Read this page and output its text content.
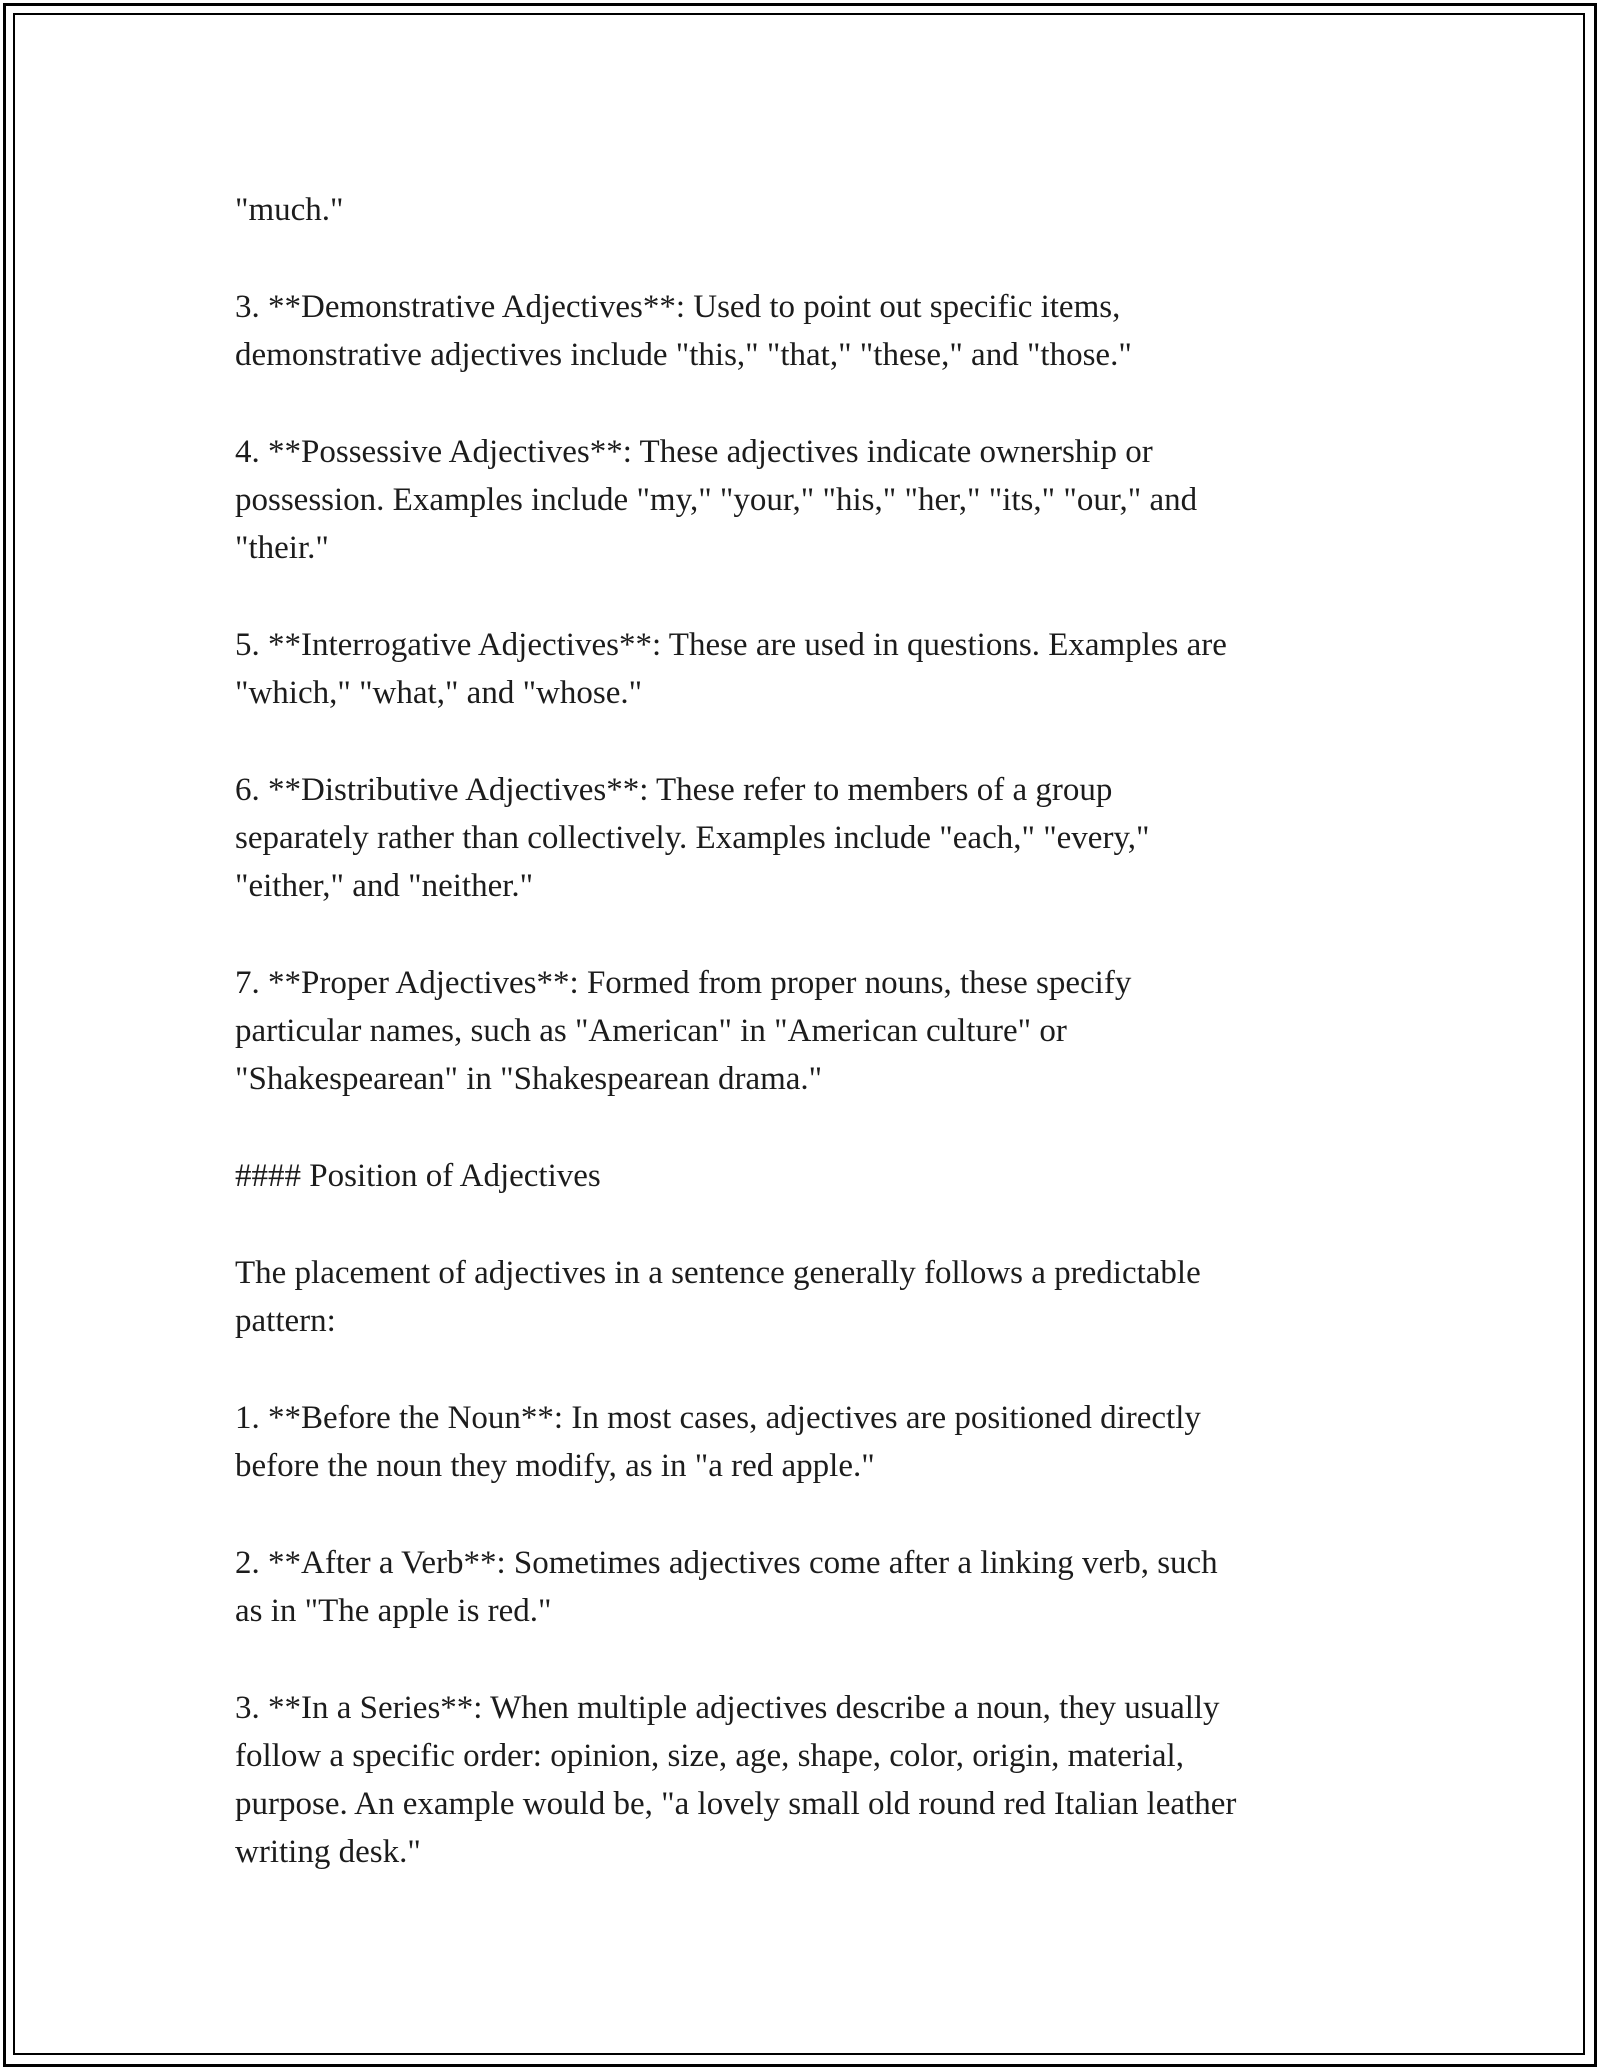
"much."

3. **Demonstrative Adjectives**: Used to point out specific items,
demonstrative adjectives include "this," "that," "these," and "those."

4. **Possessive Adjectives**: These adjectives indicate ownership or
possession. Examples include "my," "your," "his," "her," "its," "our," and
"their."

5. **Interrogative Adjectives**: These are used in questions. Examples are
"which," "what," and "whose."

6. **Distributive Adjectives**: These refer to members of a group
separately rather than collectively. Examples include "each," "every,"
"either," and "neither."

7. **Proper Adjectives**: Formed from proper nouns, these specify
particular names, such as "American" in "American culture" or
"Shakespearean" in "Shakespearean drama."

#### Position of Adjectives

The placement of adjectives in a sentence generally follows a predictable
pattern:

1. **Before the Noun**: In most cases, adjectives are positioned directly
before the noun they modify, as in "a red apple."

2. **After a Verb**: Sometimes adjectives come after a linking verb, such
as in "The apple is red."

3. **In a Series**: When multiple adjectives describe a noun, they usually
follow a specific order: opinion, size, age, shape, color, origin, material,
purpose. An example would be, "a lovely small old round red Italian leather
writing desk."
